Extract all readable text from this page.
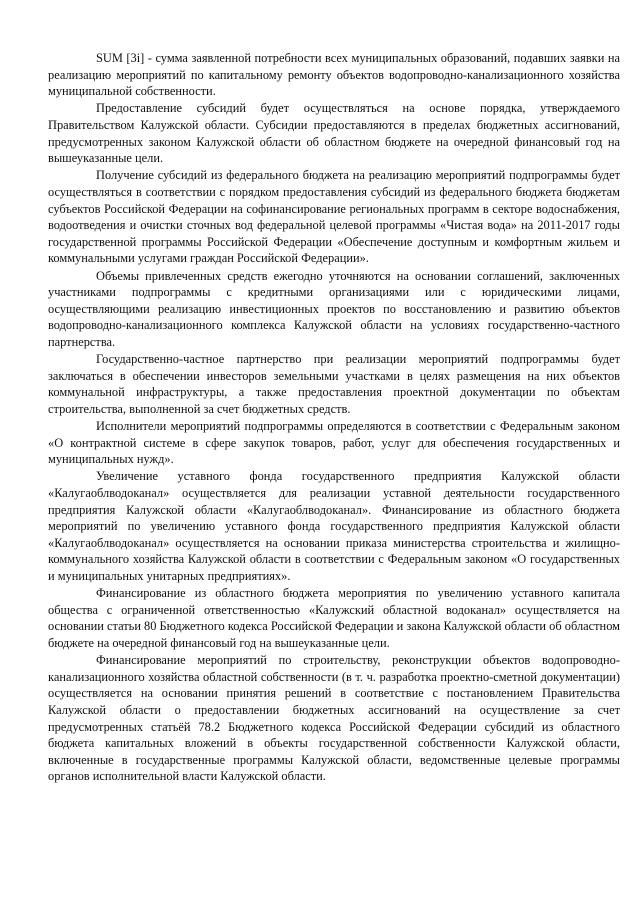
SUM [3i] - сумма заявленной потребности всех муниципальных образований, подавших заявки на реализацию мероприятий по капитальному ремонту объектов водопроводно-канализационного хозяйства муниципальной собственности.

Предоставление субсидий будет осуществляться на основе порядка, утверждаемого Правительством Калужской области. Субсидии предоставляются в пределах бюджетных ассигнований, предусмотренных законом Калужской области об областном бюджете на очередной финансовый год на вышеуказанные цели.

Получение субсидий из федерального бюджета на реализацию мероприятий подпрограммы будет осуществляться в соответствии с порядком предоставления субсидий из федерального бюджета бюджетам субъектов Российской Федерации на софинансирование региональных программ в секторе водоснабжения, водоотведения и очистки сточных вод федеральной целевой программы «Чистая вода» на 2011-2017 годы государственной программы Российской Федерации «Обеспечение доступным и комфортным жильем и коммунальными услугами граждан Российской Федерации».

Объемы привлеченных средств ежегодно уточняются на основании соглашений, заключенных участниками подпрограммы с кредитными организациями или с юридическими лицами, осуществляющими реализацию инвестиционных проектов по восстановлению и развитию объектов водопроводно-канализационного комплекса Калужской области на условиях государственно-частного партнерства.

Государственно-частное партнерство при реализации мероприятий подпрограммы будет заключаться в обеспечении инвесторов земельными участками в целях размещения на них объектов коммунальной инфраструктуры, а также предоставления проектной документации по объектам строительства, выполненной за счет бюджетных средств.

Исполнители мероприятий подпрограммы определяются в соответствии с Федеральным законом «О контрактной системе в сфере закупок товаров, работ, услуг для обеспечения государственных и муниципальных нужд».

Увеличение уставного фонда государственного предприятия Калужской области «Калугаоблводоканал» осуществляется для реализации уставной деятельности государственного предприятия Калужской области «Калугаоблводоканал». Финансирование из областного бюджета мероприятий по увеличению уставного фонда государственного предприятия Калужской области «Калугаоблводоканал» осуществляется на основании приказа министерства строительства и жилищно-коммунального хозяйства Калужской области в соответствии с Федеральным законом «О государственных и муниципальных унитарных предприятиях».

Финансирование из областного бюджета мероприятия по увеличению уставного капитала общества с ограниченной ответственностью «Калужский областной водоканал» осуществляется на основании статьи 80 Бюджетного кодекса Российской Федерации и закона Калужской области об областном бюджете на очередной финансовый год на вышеуказанные цели.

Финансирование мероприятий по строительству, реконструкции объектов водопроводно-канализационного хозяйства областной собственности (в т. ч. разработка проектно-сметной документации) осуществляется на основании принятия решений в соответствие с постановлением Правительства Калужской области о предоставлении бюджетных ассигнований на осуществление за счет предусмотренных статьёй 78.2 Бюджетного кодекса Российской Федерации субсидий из областного бюджета капитальных вложений в объекты государственной собственности Калужской области, включенные в государственные программы Калужской области, ведомственные целевые программы органов исполнительной власти Калужской области.
